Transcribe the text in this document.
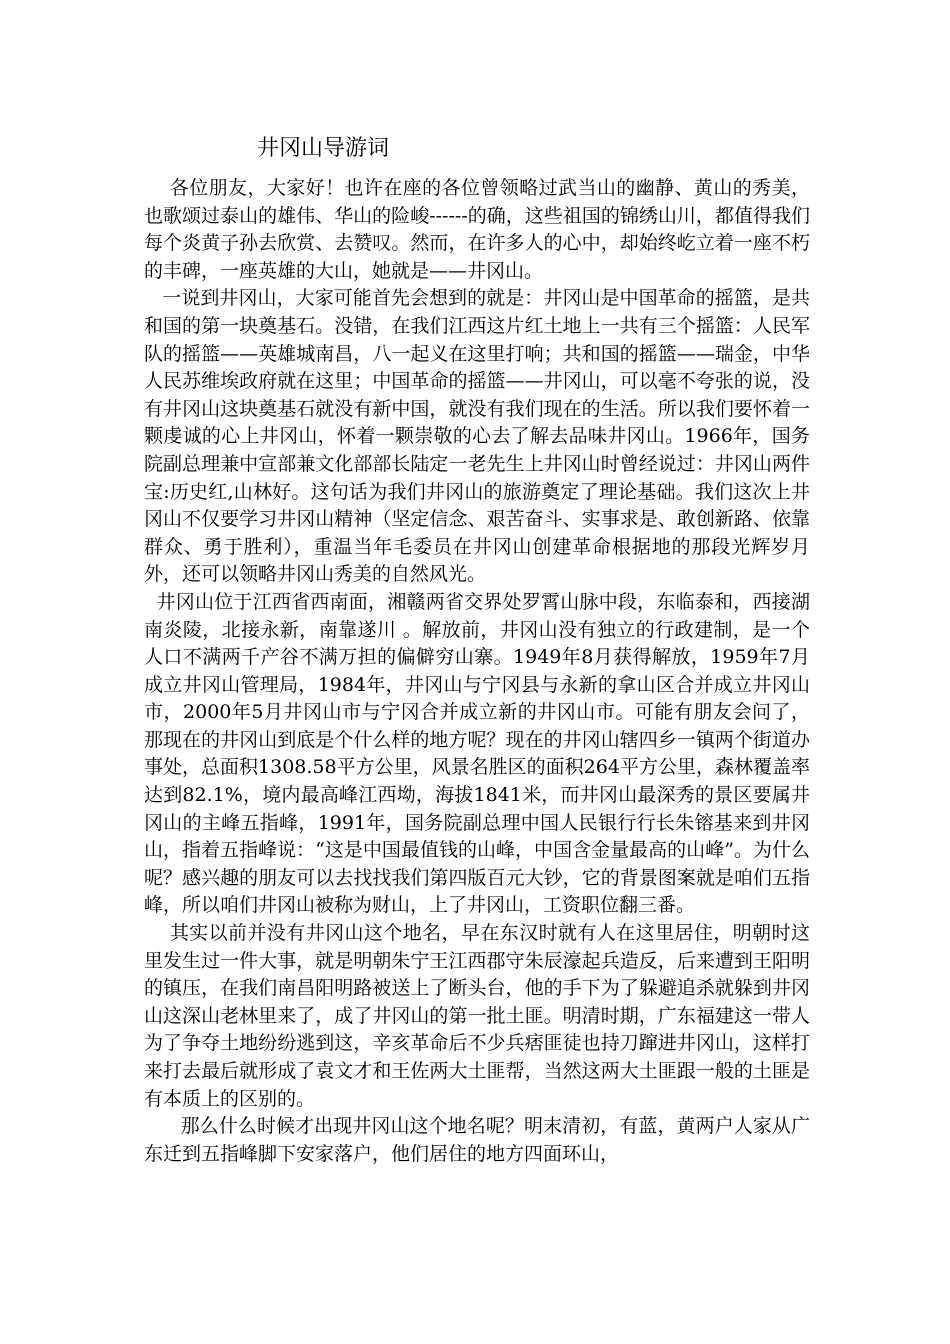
井冈山导游词

各位朋友，大家好！也许在座的各位曾领略过武当山的幽静、黄山的秀美，也歌颂过泰山的雄伟、华山的险峻------的确，这些祖国的锦绣山川，都值得我们每个炎黄子孙去欣赏、去赞叹。然而，在许多人的心中，却始终屹立着一座不朽的丰碑，一座英雄的大山，她就是——井冈山。

一说到井冈山，大家可能首先会想到的就是：井冈山是中国革命的摇篮，是共和国的第一块奠基石。没错，在我们江西这片红土地上一共有三个摇篮：人民军队的摇篮——英雄城南昌，八一起义在这里打响；共和国的摇篮——瑞金，中华人民苏维埃政府就在这里；中国革命的摇篮——井冈山，可以毫不夸张的说，没有井冈山这块奠基石就没有新中国，就没有我们现在的生活。所以我们要怀着一颗虔诚的心上井冈山，怀着一颗崇敬的心去了解去品味井冈山。1966年，国务院副总理兼中宣部兼文化部部长陆定一老先生上井冈山时曾经说过：井冈山两件宝:历史红,山林好。这句话为我们井冈山的旅游奠定了理论基础。我们这次上井冈山不仅要学习井冈山精神（坚定信念、艰苦奋斗、实事求是、敢创新路、依靠群众、勇于胜利），重温当年毛委员在井冈山创建革命根据地的那段光辉岁月外，还可以领略井冈山秀美的自然风光。

井冈山位于江西省西南面，湘赣两省交界处罗霄山脉中段，东临泰和，西接湖南炎陵，北接永新，南靠遂川 。解放前，井冈山没有独立的行政建制，是一个人口不满两千产谷不满万担的偏僻穷山寨。1949年8月获得解放，1959年7月成立井冈山管理局，1984年，井冈山与宁冈县与永新的拿山区合并成立井冈山市，2000年5月井冈山市与宁冈合并成立新的井冈山市。可能有朋友会问了，那现在的井冈山到底是个什么样的地方呢？现在的井冈山辖四乡一镇两个街道办事处，总面积1308.58平方公里，风景名胜区的面积264平方公里，森林覆盖率达到82.1%，境内最高峰江西坳，海拔1841米，而井冈山最深秀的景区要属井冈山的主峰五指峰，1991年，国务院副总理中国人民银行行长朱镕基来到井冈山，指着五指峰说：“这是中国最值钱的山峰，中国含金量最高的山峰”。为什么呢？感兴趣的朋友可以去找找我们第四版百元大钞，它的背景图案就是咱们五指峰，所以咱们井冈山被称为财山，上了井冈山，工资职位翻三番。

其实以前并没有井冈山这个地名，早在东汉时就有人在这里居住，明朝时这里发生过一件大事，就是明朝朱宁王江西郡守朱辰濠起兵造反，后来遭到王阳明的镇压，在我们南昌阳明路被送上了断头台，他的手下为了躲避追杀就躲到井冈山这深山老林里来了，成了井冈山的第一批土匪。明清时期，广东福建这一带人为了争夺土地纷纷逃到这，辛亥革命后不少兵痞匪徒也持刀蹿进井冈山，这样打来打去最后就形成了袁文才和王佐两大土匪帮，当然这两大土匪跟一般的土匪是有本质上的区别的。

那么什么时候才出现井冈山这个地名呢？明末清初，有蓝，黄两户人家从广东迁到五指峰脚下安家落户，他们居住的地方四面环山，
